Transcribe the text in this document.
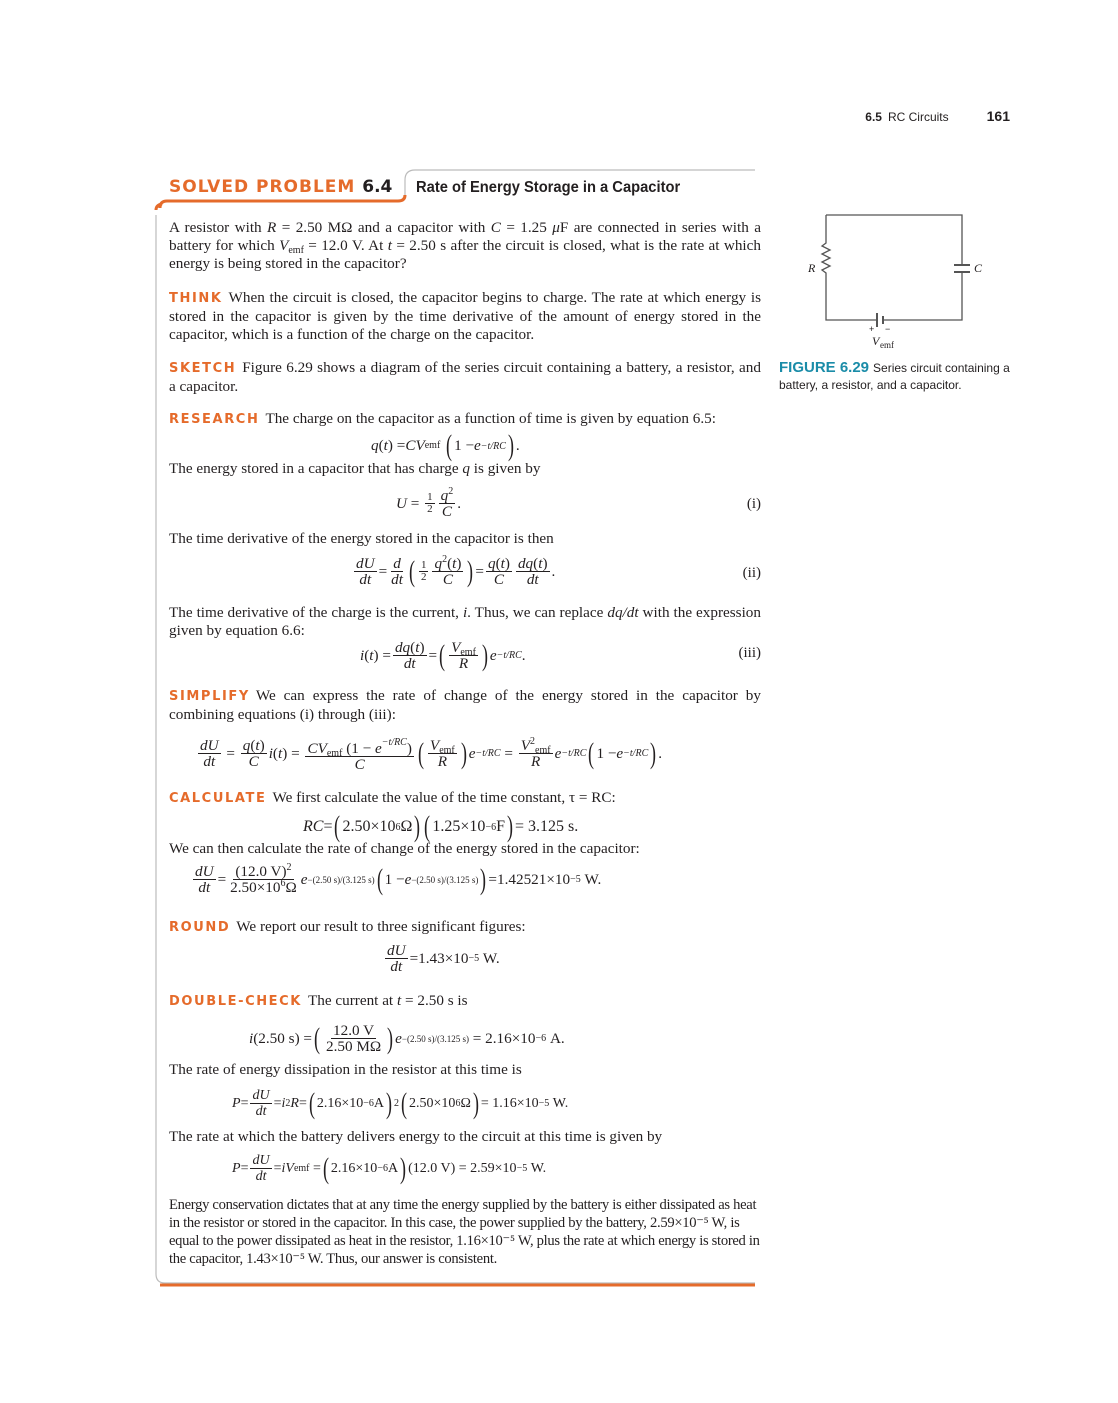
6.5 RC Circuits	161
SOLVED PROBLEM 6.4 Rate of Energy Storage in a Capacitor

A resistor with R = 2.50 MΩ and a capacitor with C = 1.25 μF are connected in series with a battery for which $V_{emf} = 12.0$ V. At t = 2.50 s after the circuit is closed, what is the rate at which energy is being stored in the capacitor?

THINK When the circuit is closed, the capacitor begins to charge. The rate at which energy is stored in the capacitor is given by the time derivative of the amount of energy stored in the capacitor, which is a function of the charge on the capacitor.

SKETCH Figure 6.29 shows a diagram of the series circuit containing a battery, a resistor, and a capacitor.

RESEARCH The charge on the capacitor as a function of time is given by equation 6.5:

q ( t ) = CV emf
( 1 − e −t/RC ) .

The energy stored in a capacitor that has charge q is given by

$U = \frac{1}{2} \frac{q^2}{C}$ .	(i)
The time derivative of the energy stored in the capacitor is then
$\frac{dU}{dt} = \frac{d}{dt}$ ( $\frac{1}{2} \frac{q^2(t)}{C}$ ) = $\frac{q(t)}{C} \frac{dq(t)}{dt}$ .	(ii)

The time derivative of the charge is the current, i. Thus, we can replace dq/dt with the expression given by equation 6.6:

i ( t ) = $\frac{dq(t)}{dt}$ = ( $\frac{V_{emf}}{R}$ ) e −t/RC .	(iii)

SIMPLIFY We can express the rate of change of the energy stored in the capacitor by combining equations (i) through (iii):

$\frac{dU}{dt} = \frac{q(t)}{C}$ i ( t ) = $\frac{CV_{emf} (1 - e^{-t/RC})}{C}$ ( $\frac{V_{emf}}{R}$ ) $e -t/RC = \frac{V^2_{emf}}{R}$ e −t/RC ( 1 − e −t/RC ) .

CALCULATE We first calculate the value of the time constant, τ = RC:

RC = ( 2.50×10 6 Ω ) ( 1.25×10 −6 F ) = 3.125 s.
We can then calculate the rate of change of the energy stored in the capacitor:
$\frac{dU}{dt} = \frac{(12.0 V)^2}{2.50\times 10^6\Omega}$ e −(2.50 s)/(3.125 s) ( 1 − e −(2.50 s)/(3.125 s) ) = 1.42521×10 −5
W.

ROUND We report our result to three significant figures:

$\frac{dU}{dt} = 1.43\times 10 -5$
W.

DOUBLE-CHECK The current at t = 2.50 s is

i (2.50 s) = ( $\frac{12.0 V}{2.50 M\Omega}$ ) e −(2.50 s)/(3.125 s) = 2.16×10 −6 A.
The rate of energy dissipation in the resistor at this time is
$P = \frac{dU}{dt} = i$ 2 R = ( 2.16×10 −6 A ) 2 ( 2.50×10 6 Ω ) = 1.16×10 −5 W.
The rate at which the battery delivers energy to the circuit at this time is given by
$P = \frac{dU}{dt}$ = iV emf = ( 2.16×10 −6 A ) (12.0 V) = 2.59×10 −5 W.
Energy conservation dictates that at any time the energy supplied by the battery is either dissipated as heat in the resistor or stored in the capacitor. In this case, the power supplied by the battery, 2.59×10⁻⁵ W, is equal to the power dissipated as heat in the resistor, 1.16×10⁻⁵ W, plus the rate at which energy is stored in the capacitor, 1.43×10⁻⁵ W. Thus, our answer is consistent.
R	C
+ −
V emf
FIGURE 6.29 Series circuit containing a battery, a resistor, and a capacitor.
